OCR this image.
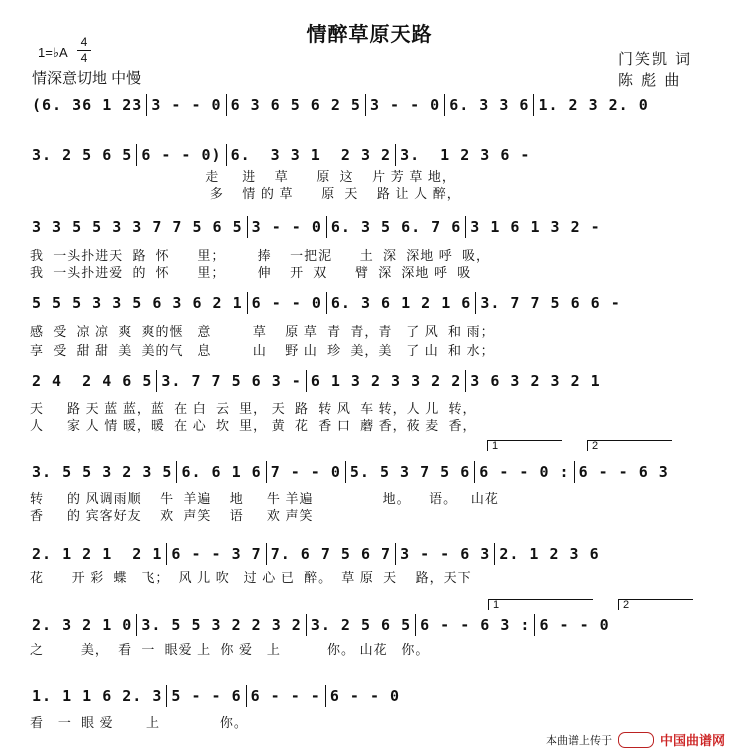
情醉草原天路
1=♭A
4
4
情深意切地 中慢
门笑凯 词
陈 彪 曲
(6. 36 1 23 3 - - 0 6 3 6 5 6 2 5 3 - - 0 6. 3 3 6 1. 2 3 2. 0
3. 2 5 6 5 6 - - 0) 6.  3 3 1  2 3 2 3.  1 2 3 6 -
3 3 5 5 3 3 7 7 5 6 5 3 - - 0 6. 3 5 6. 7 6 3 1 6 1 3 2 -
5 5 5 3 3 5 6 3 6 2 1 6 - - 0 6. 3 6 1 2 1 6 3. 7 7 5 6 6 -
2 4  2 4 6 5 3. 7 7 5 6 3 - 6 1 3 2 3 3 2 2 3 6 3 2 3 2 1
3. 5 5 3 2 3 5 6. 6 1 6 7 - - 0 5. 5 3 7 5 6 6 - - 0 : 6 - - 6 3
2. 1 2 1  2 1 6 - - 3 7 7. 6 7 5 6 7 3 - - 6 3 2. 1 2 3 6
2. 3 2 1 0 3. 5 5 3 2 2 3 2 3. 2 5 6 5 6 - - 6 3 : 6 - - 0
1. 1 1 6 2. 3 5 - - 6 6 - - - 6 - - 0
走     进    草      原  这    片 芳 草 地，
多    情 的 草      原  天    路 让 人 醉，
我  一头扑进天  路  怀      里；       捧    一把泥      土  深  深地 呼  吸，
我  一头扑进爱  的  怀      里；       伸    开  双      臂  深  深地 呼  吸
感  受  凉 凉  爽  爽的惬   意         草    原 草  青  青，青   了 风  和 雨；
享  受  甜 甜  美  美的气   息         山    野 山  珍  美，美   了 山  和 水；
天     路 天 蓝 蓝，蓝  在 白  云  里， 天  路  转 风  车 转，人 儿  转，
人     家 人 情 暖，暖  在 心  坎  里， 黄  花  香 口  蘑 香，莜 麦  香，
转     的 风调雨顺    牛  羊遍    地     牛 羊遍               地。    语。   山花
香     的 宾客好友    欢  声笑    语     欢 声笑
花      开 彩  蝶   飞；  风 儿 吹   过 心 已  醉。  草 原  天    路，天下
之        美，  看  一  眼爱 上  你 爱   上          你。 山花   你。
看   一  眼 爱       上             你。
1	2
1	2
本曲谱上传于	中国曲谱网
